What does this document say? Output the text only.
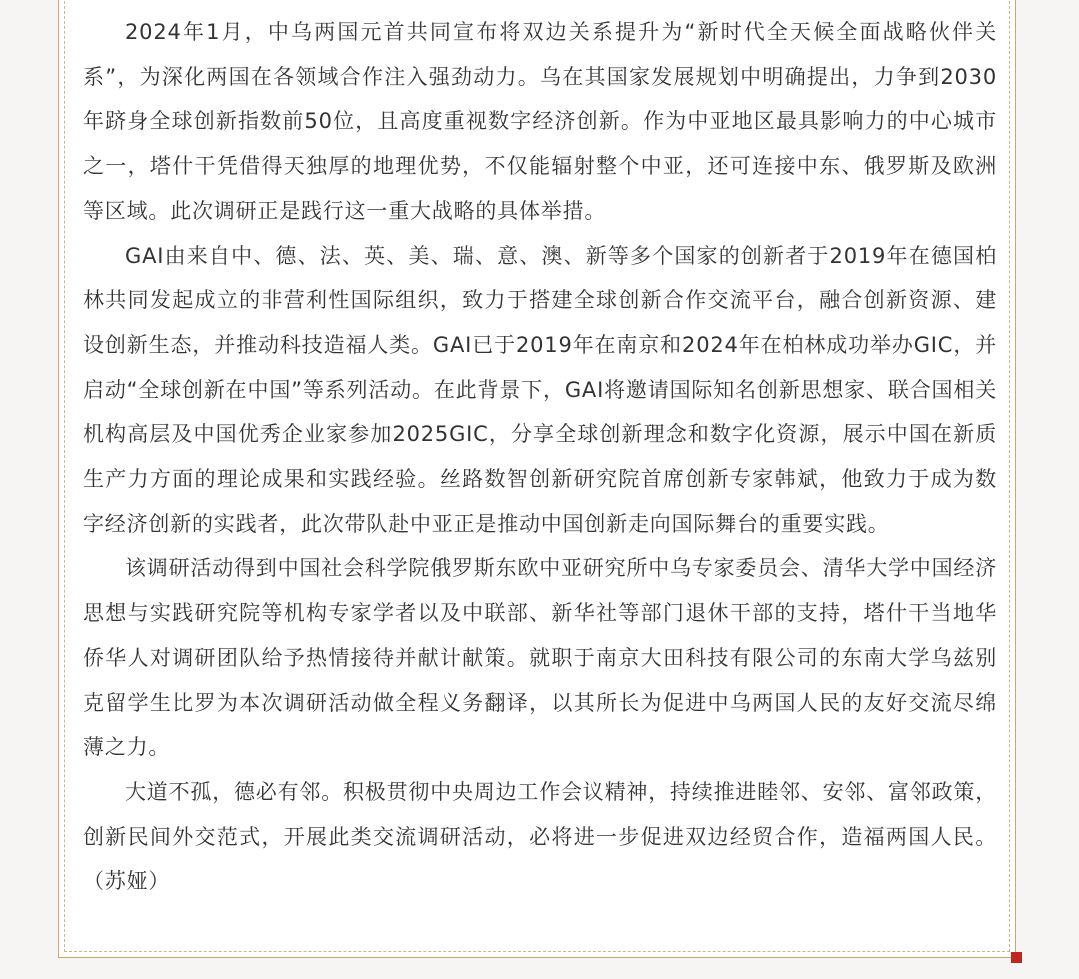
2024年1月，中乌两国元首共同宣布将双边关系提升为“新时代全天候全面战略伙伴关系”，为深化两国在各领域合作注入强劲动力。乌在其国家发展规划中明确提出，力争到2030年跻身全球创新指数前50位，且高度重视数字经济创新。作为中亚地区最具影响力的中心城市之一，塔什干凭借得天独厚的地理优势，不仅能辐射整个中亚，还可连接中东、俄罗斯及欧洲等区域。此次调研正是践行这一重大战略的具体举措。

GAI由来自中、德、法、英、美、瑞、意、澳、新等多个国家的创新者于2019年在德国柏林共同发起成立的非营利性国际组织，致力于搭建全球创新合作交流平台，融合创新资源、建设创新生态，并推动科技造福人类。GAI已于2019年在南京和2024年在柏林成功举办GIC，并启动“全球创新在中国”等系列活动。在此背景下，GAI将邀请国际知名创新思想家、联合国相关机构高层及中国优秀企业家参加2025GIC，分享全球创新理念和数字化资源，展示中国在新质生产力方面的理论成果和实践经验。丝路数智创新研究院首席创新专家韩斌，他致力于成为数字经济创新的实践者，此次带队赴中亚正是推动中国创新走向国际舞台的重要实践。

该调研活动得到中国社会科学院俄罗斯东欧中亚研究所中乌专家委员会、清华大学中国经济思想与实践研究院等机构专家学者以及中联部、新华社等部门退休干部的支持，塔什干当地华侨华人对调研团队给予热情接待并献计献策。就职于南京大田科技有限公司的东南大学乌兹别克留学生比罗为本次调研活动做全程义务翻译，以其所长为促进中乌两国人民的友好交流尽绵薄之力。

大道不孤，德必有邻。积极贯彻中央周边工作会议精神，持续推进睦邻、安邻、富邻政策，创新民间外交范式，开展此类交流调研活动，必将进一步促进双边经贸合作，造福两国人民。（苏娅）
